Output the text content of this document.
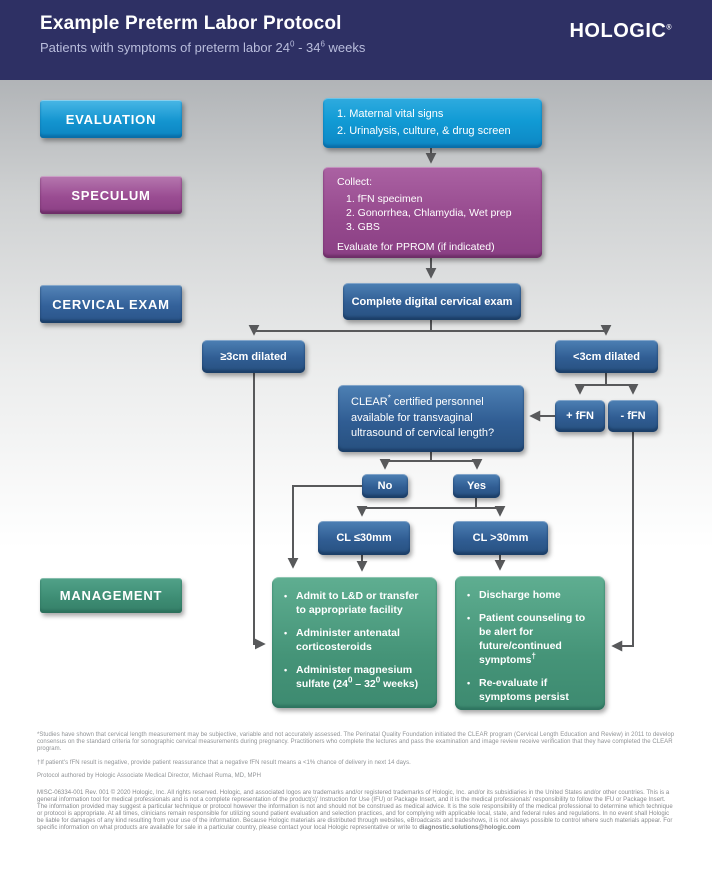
Example Preterm Labor Protocol
Patients with symptoms of preterm labor $24^0 - 34^6$ weeks
HOLOGIC®
EVALUATION
SPECULUM
CERVICAL EXAM
MANAGEMENT
1. Maternal vital signs
2. Urinalysis, culture, & drug screen
Collect:
1. fFN specimen
2. Gonorrhea, Chlamydia, Wet prep
3. GBS
Evaluate for PPROM (if indicated)
Complete digital cervical exam
≥3cm dilated	<3cm dilated
+ fFN	- fFN
CLEAR* certified personnel available for transvaginal ultrasound of cervical length?
No	Yes
CL ≤30mm	CL >30mm
• Admit to L&D or transfer to appropriate facility
• Administer antenatal corticosteroids
• Administer magnesium sulfate ($24^0 - 32^0$ weeks)
• Discharge home
• Patient counseling to be alert for future/continued symptoms†
• Re-evaluate if symptoms persist

*Studies have shown that cervical length measurement may be subjective, variable and not accurately assessed. The Perinatal Quality Foundation initiated the CLEAR program (Cervical Length Education and Review) in 2011 to develop consensus on the standard criteria for sonographic cervical measurements during pregnancy. Practitioners who complete the lectures and pass the examination and image review receive verification that they have completed the CLEAR program.

†If patient's fFN result is negative, provide patient reassurance that a negative fFN result means a <1% chance of delivery in next 14 days.

Protocol authored by Hologic Associate Medical Director, Michael Ruma, MD, MPH

MISC-06334-001 Rev. 001 © 2020 Hologic, Inc. All rights reserved. Hologic, and associated logos are trademarks and/or registered trademarks of Hologic, Inc. and/or its subsidiaries in the United States and/or other countries. This is a general information tool for medical professionals and is not a complete representation of the product(s)' Instruction for Use (IFU) or Package Insert, and it is the medical professionals' responsibility to follow the IFU or Package Insert. The information provided may suggest a particular technique or protocol however the information is not and should not be construed as medical advice. It is the sole responsibility of the medical professional to determine which technique or protocol is appropriate. At all times, clinicians remain responsible for utilizing sound patient evaluation and selection practices, and for complying with applicable local, state, and federal rules and regulations. In no event shall Hologic be liable for damages of any kind resulting from your use of the information. Because Hologic materials are distributed through websites, eBroadcasts and tradeshows, it is not always possible to control where such materials appear. For specific information on what products are available for sale in a particular country, please contact your local Hologic representative or write to diagnostic.solutions@hologic.com
